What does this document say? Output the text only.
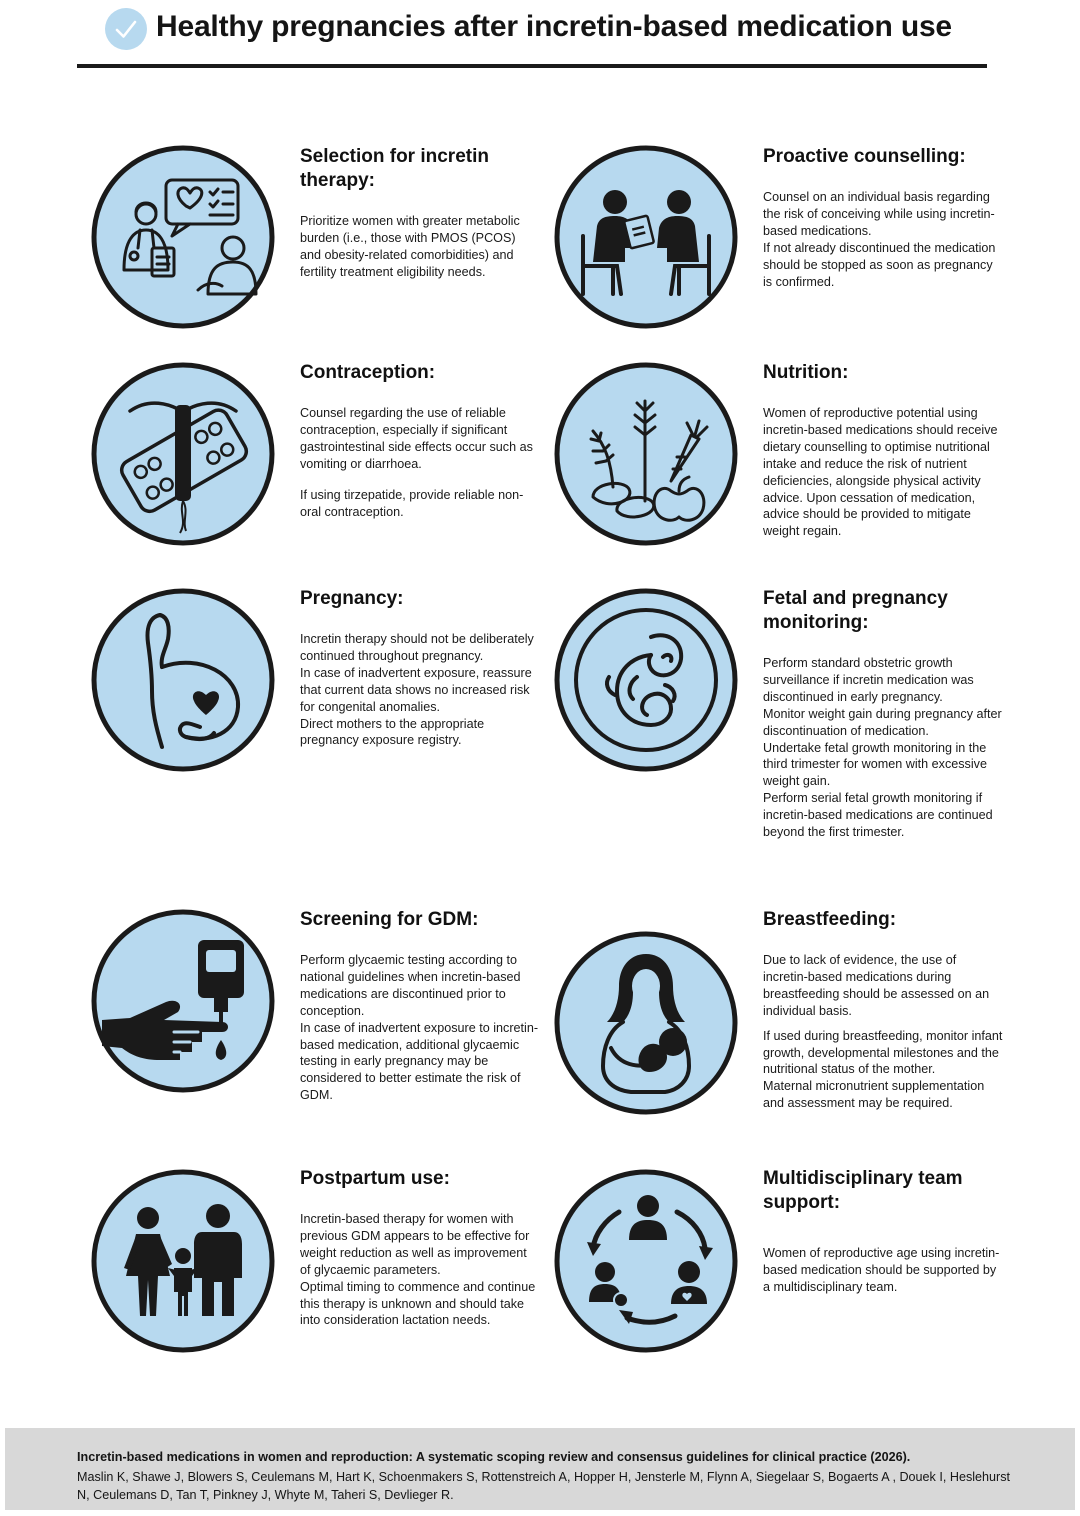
Healthy pregnancies after incretin-based medication use
Selection for incretin therapy:

Prioritize women with greater metabolic burden (i.e., those with PMOS (PCOS) and obesity-related comorbidities) and fertility treatment eligibility needs.

Proactive counselling:

Counsel on an individual basis regarding the risk of conceiving while using incretin-based medications.

If not already discontinued the medication should be stopped as soon as pregnancy is confirmed.

Contraception:

Counsel regarding the use of reliable contraception, especially if significant gastrointestinal side effects occur such as vomiting or diarrhoea.

If using tirzepatide, provide reliable non-oral contraception.

Nutrition:

Women of reproductive potential using incretin-based medications should receive dietary counselling to optimise nutritional intake and reduce the risk of nutrient deficiencies, alongside physical activity advice. Upon cessation of medication, advice should be provided to mitigate weight regain.

Pregnancy:

Incretin therapy should not be deliberately continued throughout pregnancy.

In case of inadvertent exposure, reassure that current data shows no increased risk for congenital anomalies.

Direct mothers to the appropriate pregnancy exposure registry.

Fetal and pregnancy monitoring:

Perform standard obstetric growth surveillance if incretin medication was discontinued in early pregnancy.

Monitor weight gain during pregnancy after discontinuation of medication.

Undertake fetal growth monitoring in the third trimester for women with excessive weight gain.

Perform serial fetal growth monitoring if incretin-based medications are continued beyond the first trimester.

Screening for GDM:

Perform glycaemic testing according to national guidelines when incretin-based medications are discontinued prior to conception.

In case of inadvertent exposure to incretin-based medication, additional glycaemic testing in early pregnancy may be considered to better estimate the risk of GDM.

Breastfeeding:

Due to lack of evidence, the use of incretin-based medications during breastfeeding should be assessed on an individual basis.

If used during breastfeeding, monitor infant growth, developmental milestones and the nutritional status of the mother.

Maternal micronutrient supplementation and assessment may be required.

Postpartum use:

Incretin-based therapy for women with previous GDM appears to be effective for weight reduction as well as improvement of glycaemic parameters.

Optimal timing to commence and continue this therapy is unknown and should take into consideration lactation needs.

Multidisciplinary team support:

Women of reproductive age using incretin-based medication should be supported by a multidisciplinary team.

Incretin-based medications in women and reproduction: A systematic scoping review and consensus guidelines for clinical practice (2026).

Maslin K, Shawe J, Blowers S, Ceulemans M, Hart K, Schoenmakers S, Rottenstreich A, Hopper H, Jensterle M, Flynn A, Siegelaar S, Bogaerts A , Douek I, Heslehurst N, Ceulemans D, Tan T, Pinkney J, Whyte M, Taheri S, Devlieger R.
